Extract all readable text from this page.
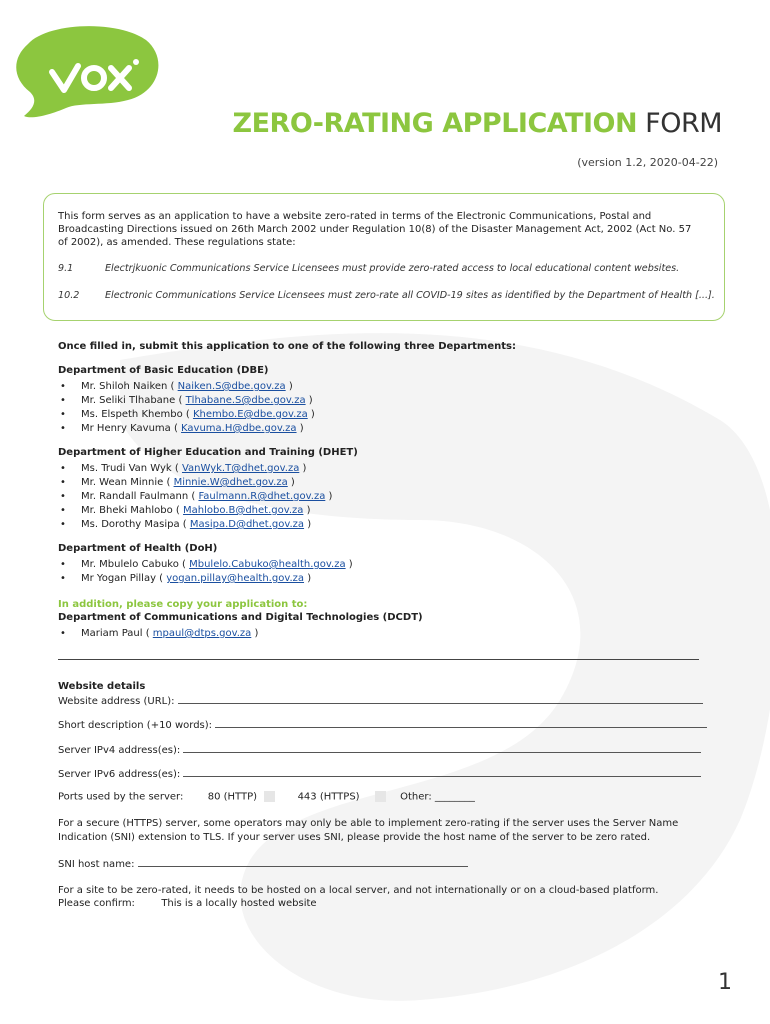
ZERO-RATING APPLICATION FORM
(version 1.2, 2020-04-22)
This form serves as an application to have a website zero-rated in terms of the Electronic Communications, Postal and Broadcasting Directions issued on 26th March 2002 under Regulation 10(8) of the Disaster Management Act, 2002 (Act No. 57 of 2002), as amended. These regulations state:
9.1	Electrjkuonic Communications Service Licensees must provide zero-rated access to local educational content websites.
10.2	Electronic Communications Service Licensees must zero-rate all COVID-19 sites as identified by the Department of Health [...].
Once filled in, submit this application to one of the following three Departments:
Department of Basic Education (DBE)
• Mr. Shiloh Naiken ( Naiken.S@dbe.gov.za )
• Mr. Seliki Tlhabane ( Tlhabane.S@dbe.gov.za )
• Ms. Elspeth Khembo ( Khembo.E@dbe.gov.za )
• Mr Henry Kavuma ( Kavuma.H@dbe.gov.za )
Department of Higher Education and Training (DHET)
• Ms. Trudi Van Wyk ( VanWyk.T@dhet.gov.za )
• Mr. Wean Minnie ( Minnie.W@dhet.gov.za )
• Mr. Randall Faulmann ( Faulmann.R@dhet.gov.za )
• Mr. Bheki Mahlobo ( Mahlobo.B@dhet.gov.za )
• Ms. Dorothy Masipa ( Masipa.D@dhet.gov.za )
Department of Health (DoH)
• Mr. Mbulelo Cabuko ( Mbulelo.Cabuko@health.gov.za )
• Mr Yogan Pillay ( yogan.pillay@health.gov.za )
In addition, please copy your application to:
Department of Communications and Digital Technologies (DCDT)
• Mariam Paul ( mpaul@dtps.gov.za )
Website details
Website address (URL):
Short description (+10 words):
Server IPv4 address(es):
Server IPv6 address(es):
Ports used by the server: 80 (HTTP)	443 (HTTPS)	Other: ________
For a secure (HTTPS) server, some operators may only be able to implement zero-rating if the server uses the Server Name Indication (SNI) extension to TLS. If your server uses SNI, please provide the host name of the server to be zero rated.
SNI host name:
For a site to be zero-rated, it needs to be hosted on a local server, and not internationally or on a cloud-based platform.
Please confirm:	This is a locally hosted website
1
